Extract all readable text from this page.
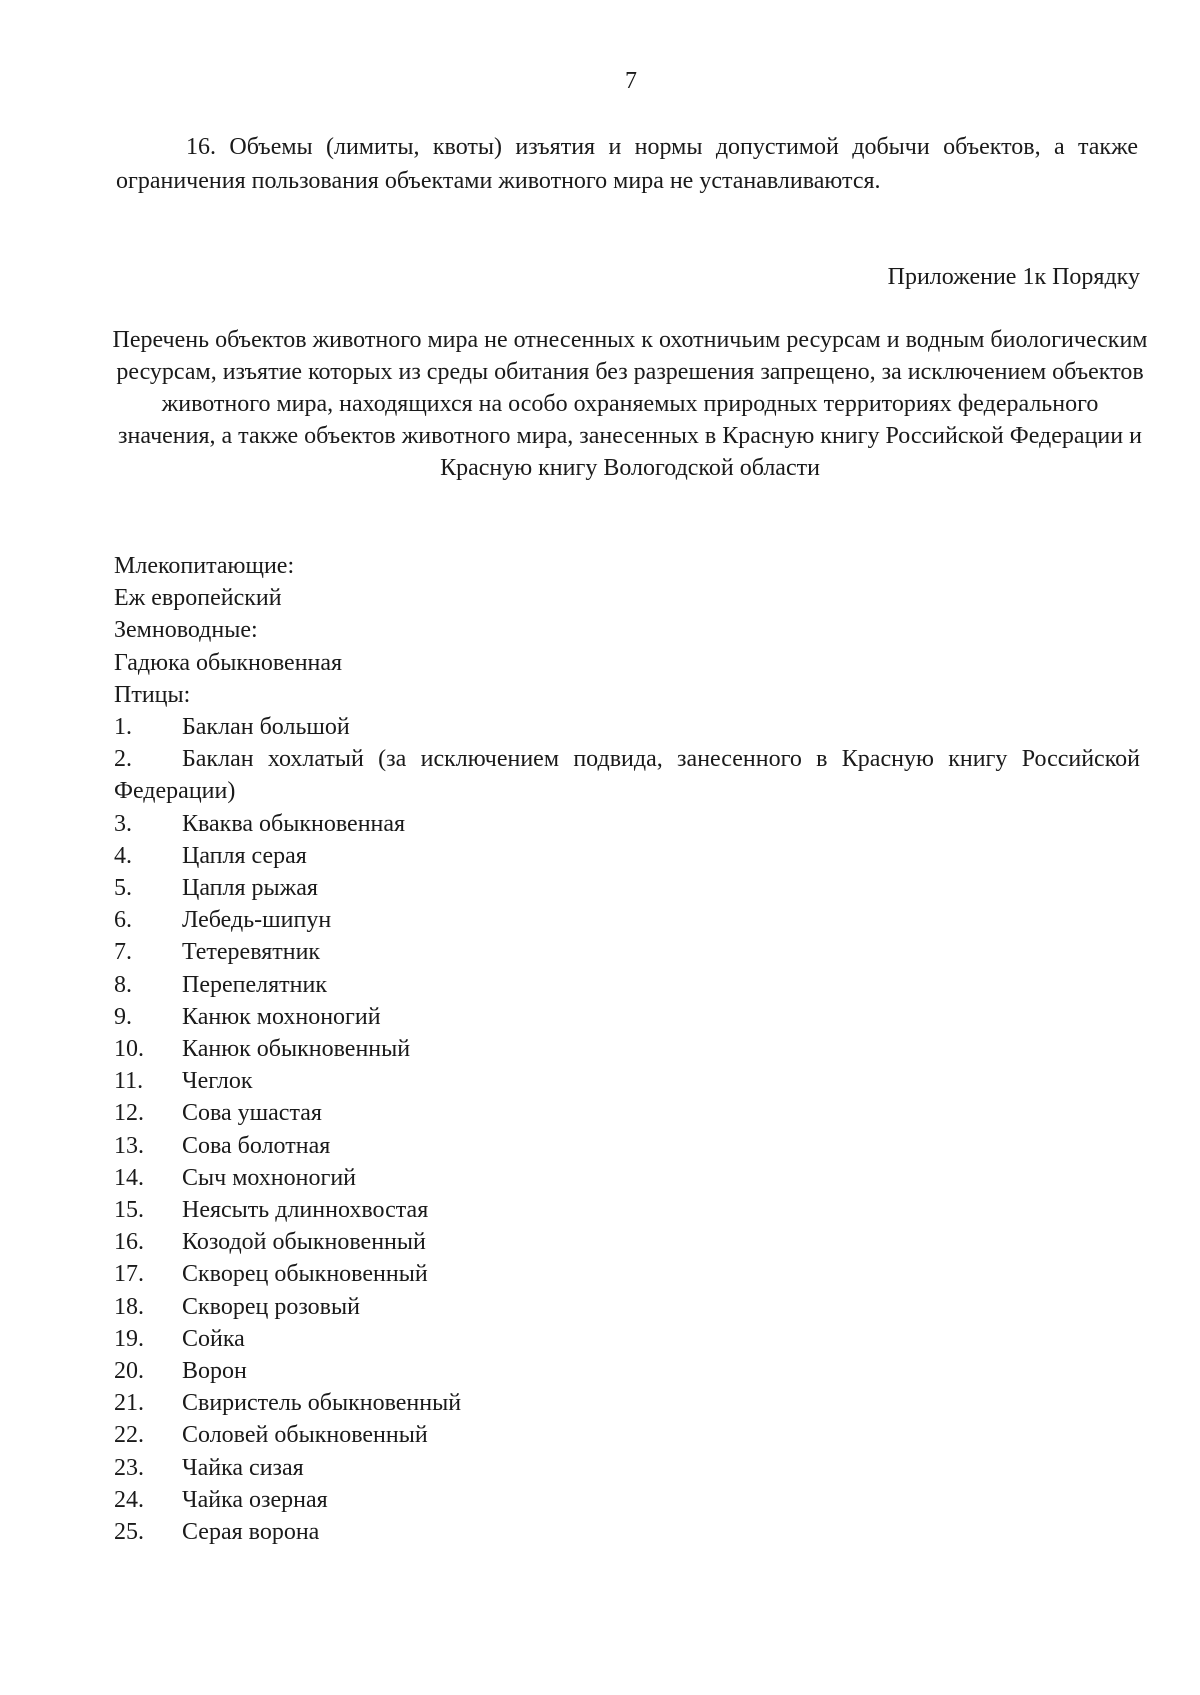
7
16. Объемы (лимиты, квоты) изъятия и нормы допустимой добычи объектов, а также ограничения пользования объектами животного мира не устанавливаются.
Приложение 1к Порядку
Перечень объектов животного мира не отнесенных к охотничьим ресурсам и водным биологическим ресурсам, изъятие которых из среды обитания без разрешения запрещено, за исключением объектов животного мира, находящихся на особо охраняемых природных территориях федерального значения, а также объектов животного мира, занесенных в Красную книгу Российской Федерации и Красную книгу Вологодской области
Млекопитающие:
Еж европейский
Земноводные:
Гадюка обыкновенная
Птицы:
1.	Баклан большой
2. Баклан хохлатый (за исключением подвида, занесенного в Красную книгу Российской Федерации)
3.	Кваква обыкновенная
4.	Цапля серая
5.	Цапля рыжая
6.	Лебедь-шипун
7.	Тетеревятник
8.	Перепелятник
9.	Канюк мохноногий
10.	Канюк обыкновенный
11.	Чеглок
12.	Сова ушастая
13.	Сова болотная
14.	Сыч мохноногий
15.	Неясыть длиннохвостая
16.	Козодой обыкновенный
17.	Скворец обыкновенный
18.	Скворец розовый
19.	Сойка
20.	Ворон
21.	Свиристель обыкновенный
22.	Соловей обыкновенный
23.	Чайка сизая
24.	Чайка озерная
25.	Серая ворона
